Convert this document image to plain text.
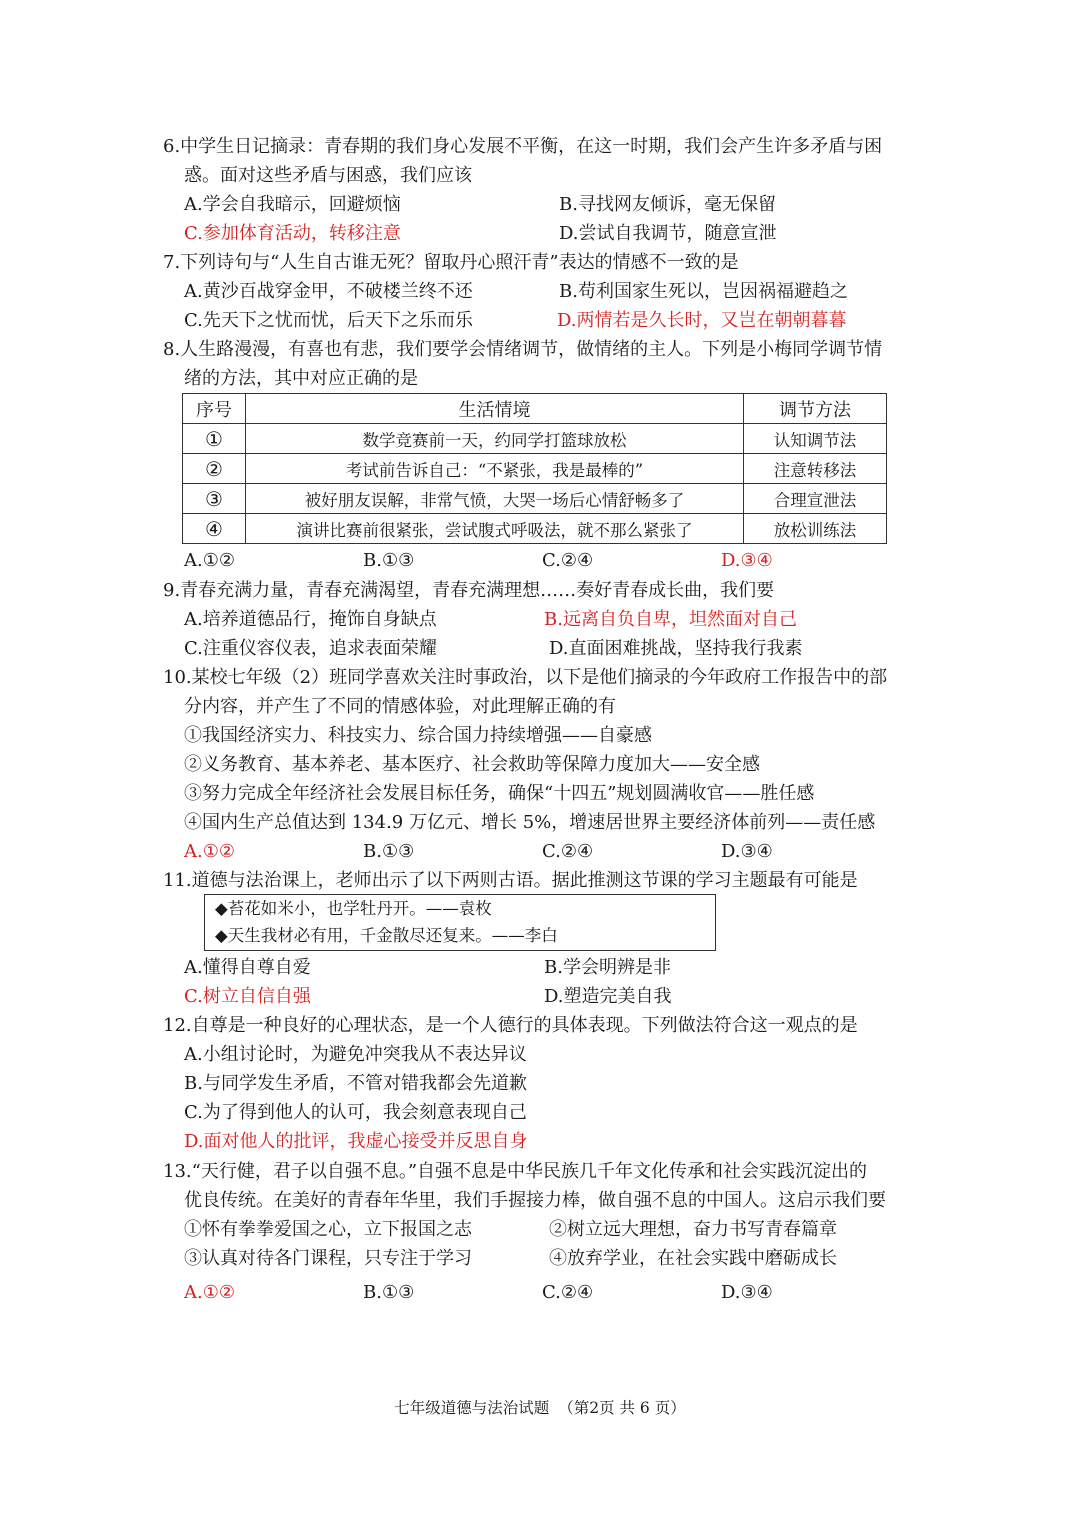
6.中学生日记摘录：青春期的我们身心发展不平衡，在这一时期，我们会产生许多矛盾与困
惑。面对这些矛盾与困惑，我们应该
A.学会自我暗示，回避烦恼	B.寻找网友倾诉，毫无保留
C.参加体育活动，转移注意	D.尝试自我调节，随意宣泄
7.下列诗句与“人生自古谁无死？留取丹心照汗青”表达的情感不一致的是
A.黄沙百战穿金甲，不破楼兰终不还	B.苟利国家生死以，岂因祸福避趋之
C.先天下之忧而忧，后天下之乐而乐	D.两情若是久长时，又岂在朝朝暮暮
8.人生路漫漫，有喜也有悲，我们要学会情绪调节，做情绪的主人。下列是小梅同学调节情
绪的方法，其中对应正确的是
序号	生活情境	调节方法
①	数学竞赛前一天，约同学打篮球放松	认知调节法
②	考试前告诉自己：“不紧张，我是最棒的”	注意转移法
③	被好朋友误解，非常气愤，大哭一场后心情舒畅多了	合理宣泄法
④	演讲比赛前很紧张，尝试腹式呼吸法，就不那么紧张了	放松训练法
A.①②	B.①③	C.②④	D.③④
9.青春充满力量，青春充满渴望，青春充满理想……奏好青春成长曲，我们要
A.培养道德品行，掩饰自身缺点	B.远离自负自卑，坦然面对自己
C.注重仪容仪表，追求表面荣耀	D.直面困难挑战，坚持我行我素
10.某校七年级（2）班同学喜欢关注时事政治，以下是他们摘录的今年政府工作报告中的部
分内容，并产生了不同的情感体验，对此理解正确的有
①我国经济实力、科技实力、综合国力持续增强——自豪感
②义务教育、基本养老、基本医疗、社会救助等保障力度加大——安全感
③努力完成全年经济社会发展目标任务，确保“十四五”规划圆满收官——胜任感
④国内生产总值达到 134.9 万亿元、增长 5%，增速居世界主要经济体前列——责任感
A.①②	B.①③	C.②④	D.③④
11.道德与法治课上，老师出示了以下两则古语。据此推测这节课的学习主题最有可能是
◆苔花如米小，也学牡丹开。——袁枚
◆天生我材必有用，千金散尽还复来。——李白
A.懂得自尊自爱	B.学会明辨是非
C.树立自信自强	D.塑造完美自我
12.自尊是一种良好的心理状态，是一个人德行的具体表现。下列做法符合这一观点的是
A.小组讨论时，为避免冲突我从不表达异议
B.与同学发生矛盾，不管对错我都会先道歉
C.为了得到他人的认可，我会刻意表现自己
D.面对他人的批评，我虚心接受并反思自身
13.“天行健，君子以自强不息。”自强不息是中华民族几千年文化传承和社会实践沉淀出的
优良传统。在美好的青春年华里，我们手握接力棒，做自强不息的中国人。这启示我们要
①怀有拳拳爱国之心，立下报国之志	②树立远大理想，奋力书写青春篇章
③认真对待各门课程，只专注于学习	④放弃学业，在社会实践中磨砺成长
A.①②	B.①③	C.②④	D.③④
七年级道德与法治试题 （第2页 共 6 页）
